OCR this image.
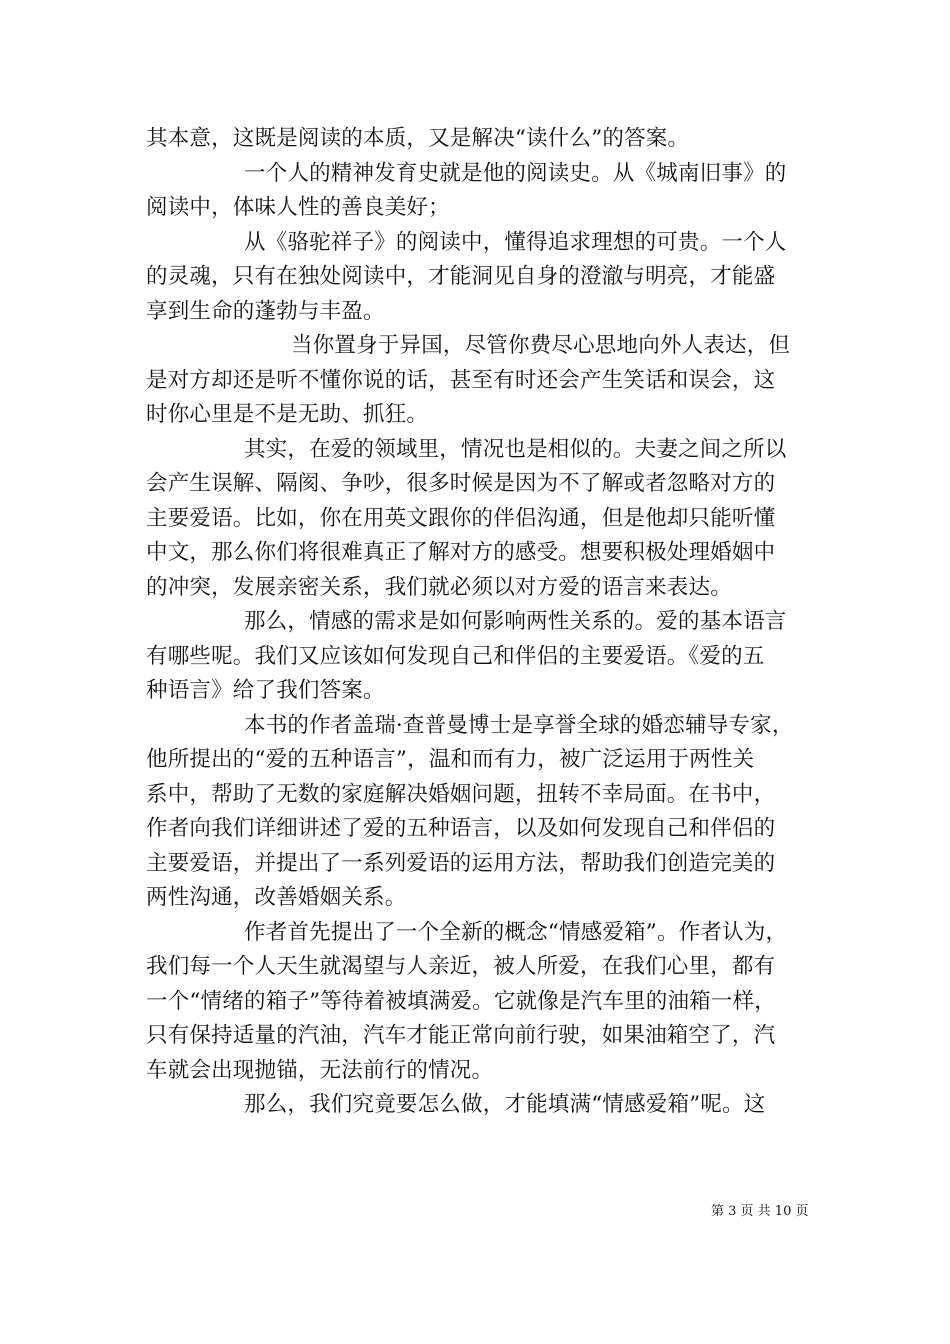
其本意，这既是阅读的本质，又是解决“读什么”的答案。
一个人的精神发育史就是他的阅读史。从《城南旧事》的
阅读中，体味人性的善良美好；
从《骆驼祥子》的阅读中，懂得追求理想的可贵。一个人
的灵魂，只有在独处阅读中，才能洞见自身的澄澈与明亮，才能盛
享到生命的蓬勃与丰盈。
当你置身于异国，尽管你费尽心思地向外人表达，但
是对方却还是听不懂你说的话，甚至有时还会产生笑话和误会，这
时你心里是不是无助、抓狂。
其实，在爱的领域里，情况也是相似的。夫妻之间之所以
会产生误解、隔阂、争吵，很多时候是因为不了解或者忽略对方的
主要爱语。比如，你在用英文跟你的伴侣沟通，但是他却只能听懂
中文，那么你们将很难真正了解对方的感受。想要积极处理婚姻中
的冲突，发展亲密关系，我们就必须以对方爱的语言来表达。
那么，情感的需求是如何影响两性关系的。爱的基本语言
有哪些呢。我们又应该如何发现自己和伴侣的主要爱语。《爱的五
种语言》给了我们答案。
本书的作者盖瑞·查普曼博士是享誉全球的婚恋辅导专家，
他所提出的“爱的五种语言”，温和而有力，被广泛运用于两性关
系中，帮助了无数的家庭解决婚姻问题，扭转不幸局面。在书中，
作者向我们详细讲述了爱的五种语言，以及如何发现自己和伴侣的
主要爱语，并提出了一系列爱语的运用方法，帮助我们创造完美的
两性沟通，改善婚姻关系。
作者首先提出了一个全新的概念“情感爱箱”。作者认为，
我们每一个人天生就渴望与人亲近，被人所爱，在我们心里，都有
一个“情绪的箱子”等待着被填满爱。它就像是汽车里的油箱一样，
只有保持适量的汽油，汽车才能正常向前行驶，如果油箱空了，汽
车就会出现抛锚，无法前行的情况。
那么，我们究竟要怎么做，才能填满“情感爱箱”呢。这
第 3 页 共 10 页
